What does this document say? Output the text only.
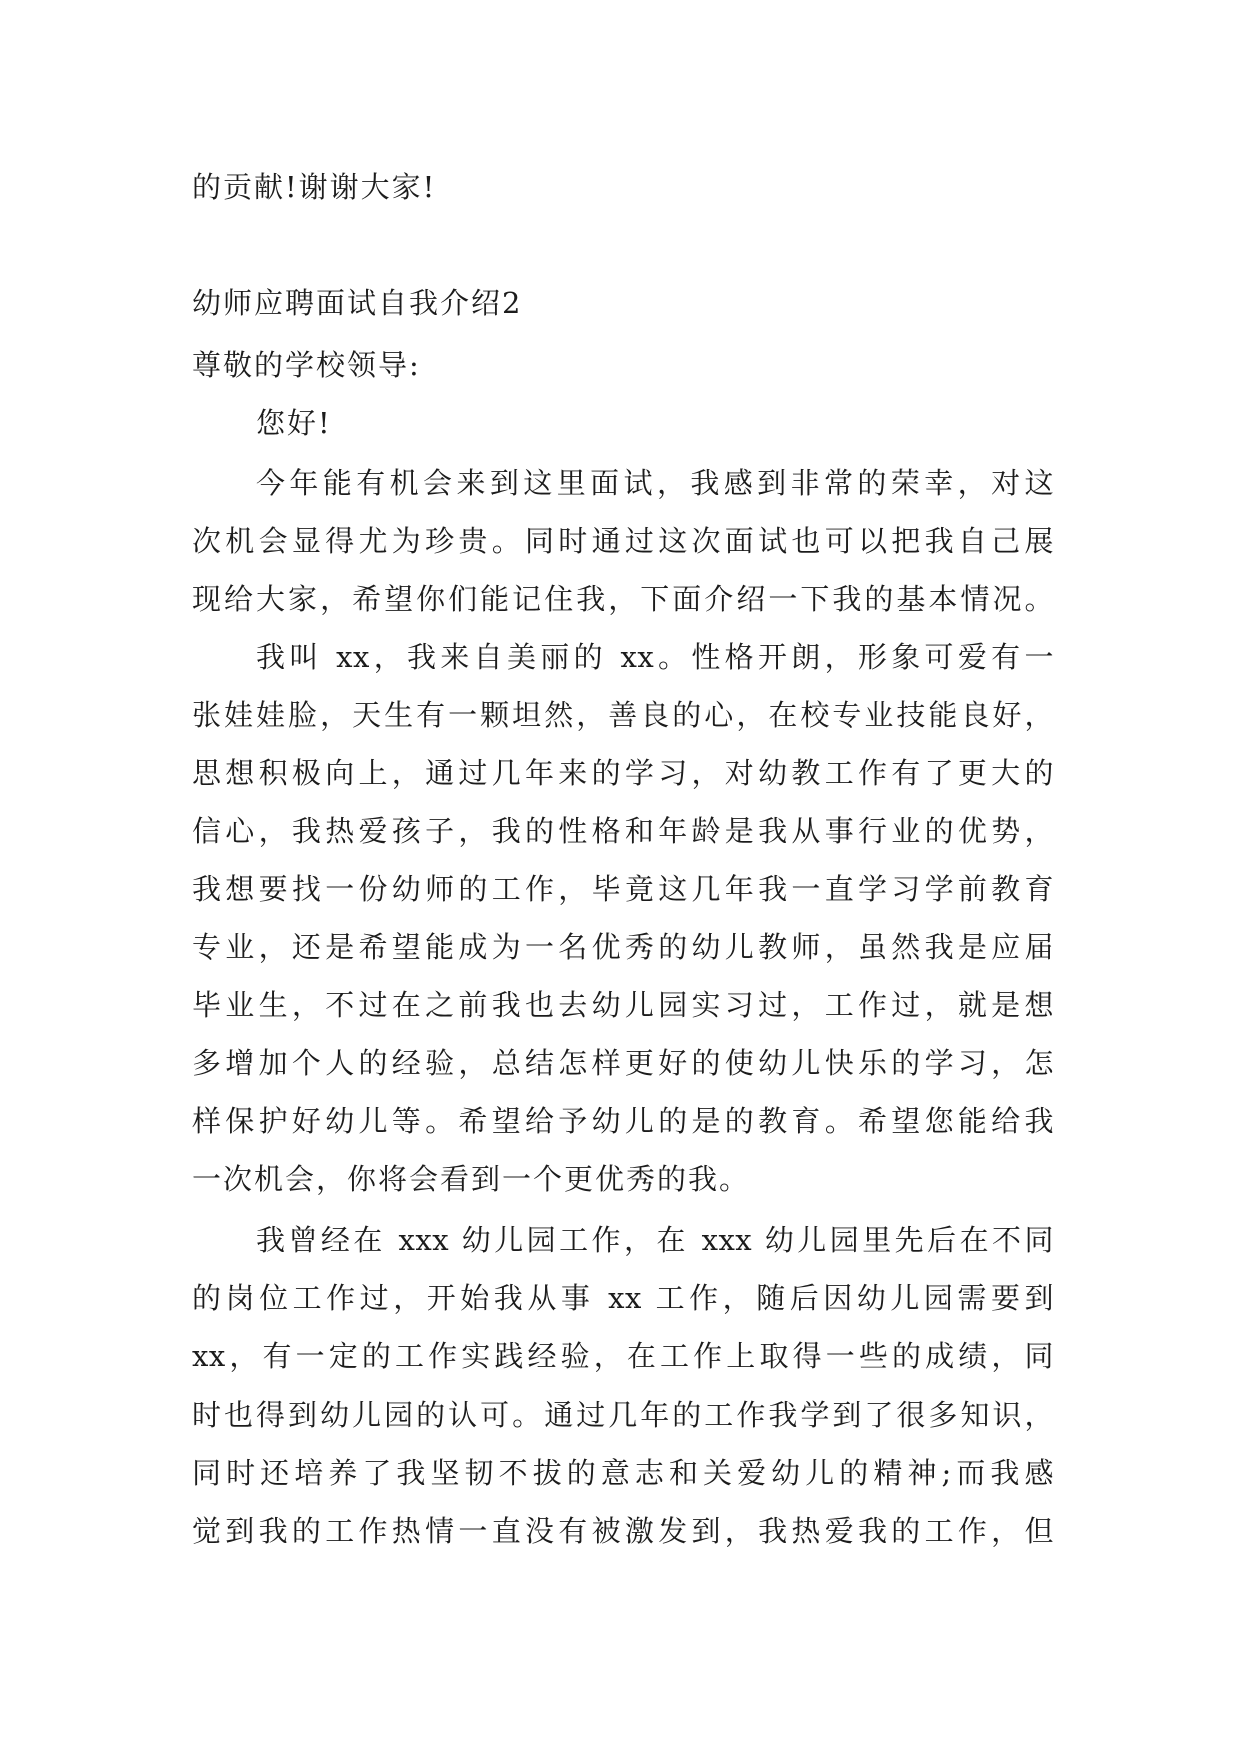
的贡献!谢谢大家!
幼师应聘面试自我介绍2
尊敬的学校领导:
您好!
今年能有机会来到这里面试，我感到非常的荣幸，对这
次机会显得尤为珍贵。同时通过这次面试也可以把我自己展
现给大家，希望你们能记住我，下面介绍一下我的基本情况。
我叫 xx，我来自美丽的 xx。性格开朗，形象可爱有一
张娃娃脸，天生有一颗坦然，善良的心，在校专业技能良好，
思想积极向上，通过几年来的学习，对幼教工作有了更大的
信心，我热爱孩子，我的性格和年龄是我从事行业的优势，
我想要找一份幼师的工作，毕竟这几年我一直学习学前教育
专业，还是希望能成为一名优秀的幼儿教师，虽然我是应届
毕业生，不过在之前我也去幼儿园实习过，工作过，就是想
多增加个人的经验，总结怎样更好的使幼儿快乐的学习，怎
样保护好幼儿等。希望给予幼儿的是的教育。希望您能给我
一次机会，你将会看到一个更优秀的我。
我曾经在 xxx 幼儿园工作，在 xxx 幼儿园里先后在不同
的岗位工作过，开始我从事 xx 工作，随后因幼儿园需要到
xx，有一定的工作实践经验，在工作上取得一些的成绩，同
时也得到幼儿园的认可。通过几年的工作我学到了很多知识，
同时还培养了我坚韧不拔的意志和关爱幼儿的精神;而我感
觉到我的工作热情一直没有被激发到，我热爱我的工作，但
